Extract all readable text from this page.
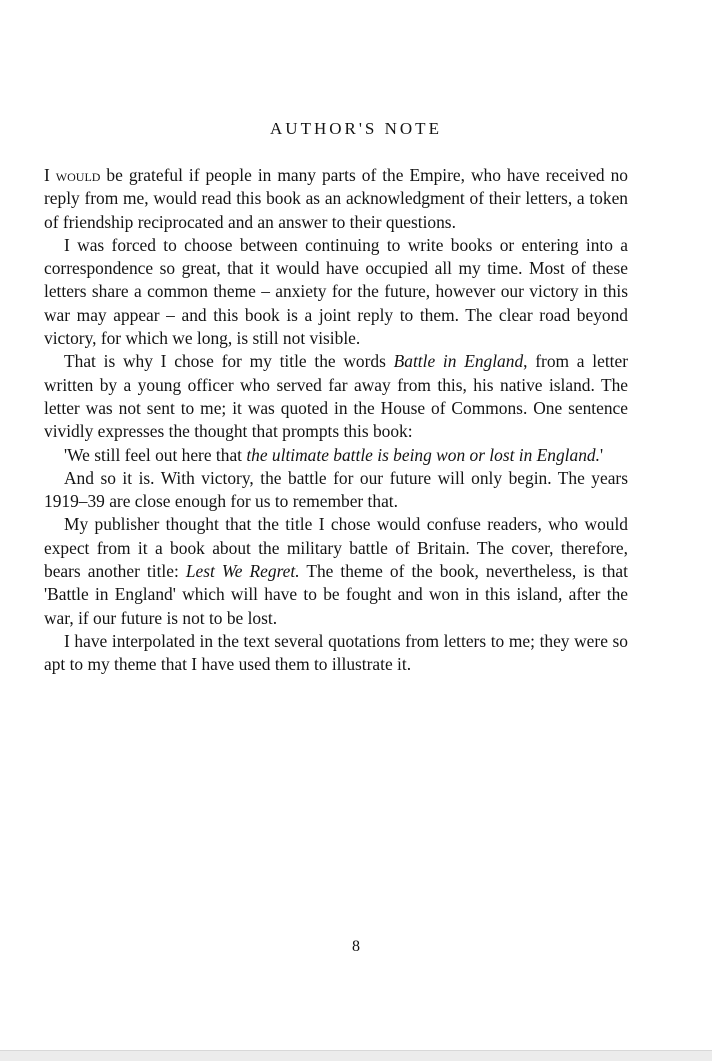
AUTHOR'S NOTE

I would be grateful if people in many parts of the Empire, who have received no reply from me, would read this book as an acknowledgment of their letters, a token of friendship reciprocated and an answer to their questions.

I was forced to choose between continuing to write books or entering into a correspondence so great, that it would have occupied all my time. Most of these letters share a common theme – anxiety for the future, however our victory in this war may appear – and this book is a joint reply to them. The clear road beyond victory, for which we long, is still not visible.

That is why I chose for my title the words Battle in England, from a letter written by a young officer who served far away from this, his native island. The letter was not sent to me; it was quoted in the House of Commons. One sentence vividly expresses the thought that prompts this book:

'We still feel out here that the ultimate battle is being won or lost in England.'

And so it is. With victory, the battle for our future will only begin. The years 1919–39 are close enough for us to remember that.

My publisher thought that the title I chose would confuse readers, who would expect from it a book about the military battle of Britain. The cover, therefore, bears another title: Lest We Regret. The theme of the book, nevertheless, is that 'Battle in England' which will have to be fought and won in this island, after the war, if our future is not to be lost.

I have interpolated in the text several quotations from letters to me; they were so apt to my theme that I have used them to illustrate it.

8
